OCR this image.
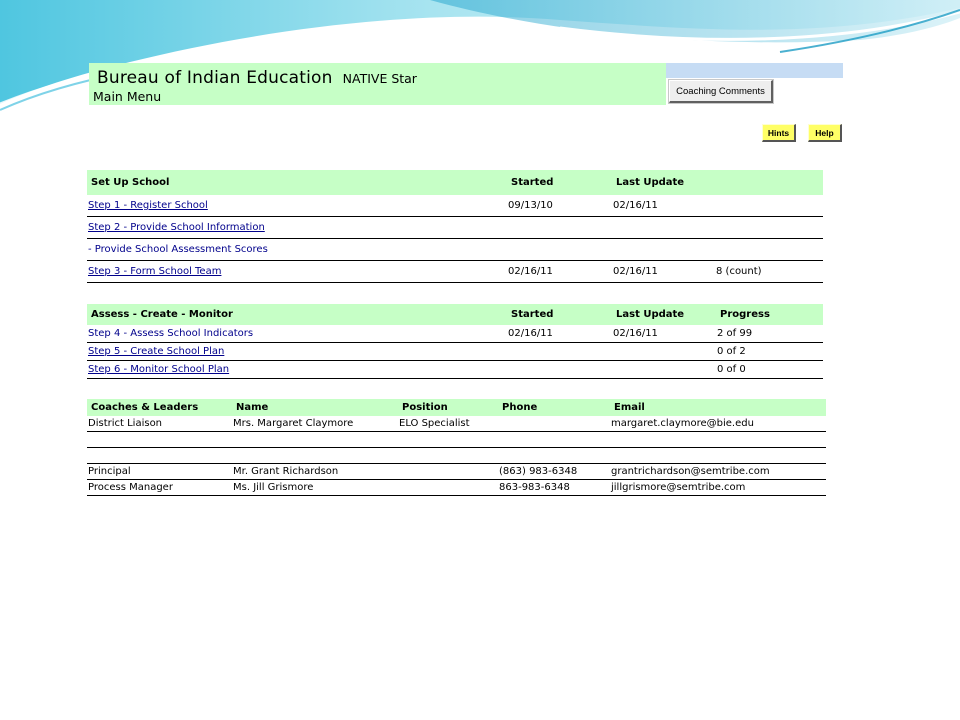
Bureau of Indian Education NATIVE Star
Main Menu	Coaching Comments
Hints	Help
Set Up School	Started	Last Update	
Step 1 - Register School	09/13/10	02/16/11	
Step 2 - Provide School Information			
- Provide School Assessment Scores			
Step 3 - Form School Team	02/16/11	02/16/11	8 (count)
Assess - Create - Monitor	Started	Last Update	Progress
Step 4 - Assess School Indicators	02/16/11	02/16/11	2 of 99
Step 5 - Create School Plan			0 of 2
Step 6 - Monitor School Plan			0 of 0
Coaches & Leaders	Name	Position	Phone	Email
District Liaison	Mrs. Margaret Claymore	ELO Specialist		margaret.claymore@bie.edu

Principal	Mr. Grant Richardson		(863) 983-6348	grantrichardson@semtribe.com
Process Manager	Ms. Jill Grismore		863-983-6348	jillgrismore@semtribe.com
